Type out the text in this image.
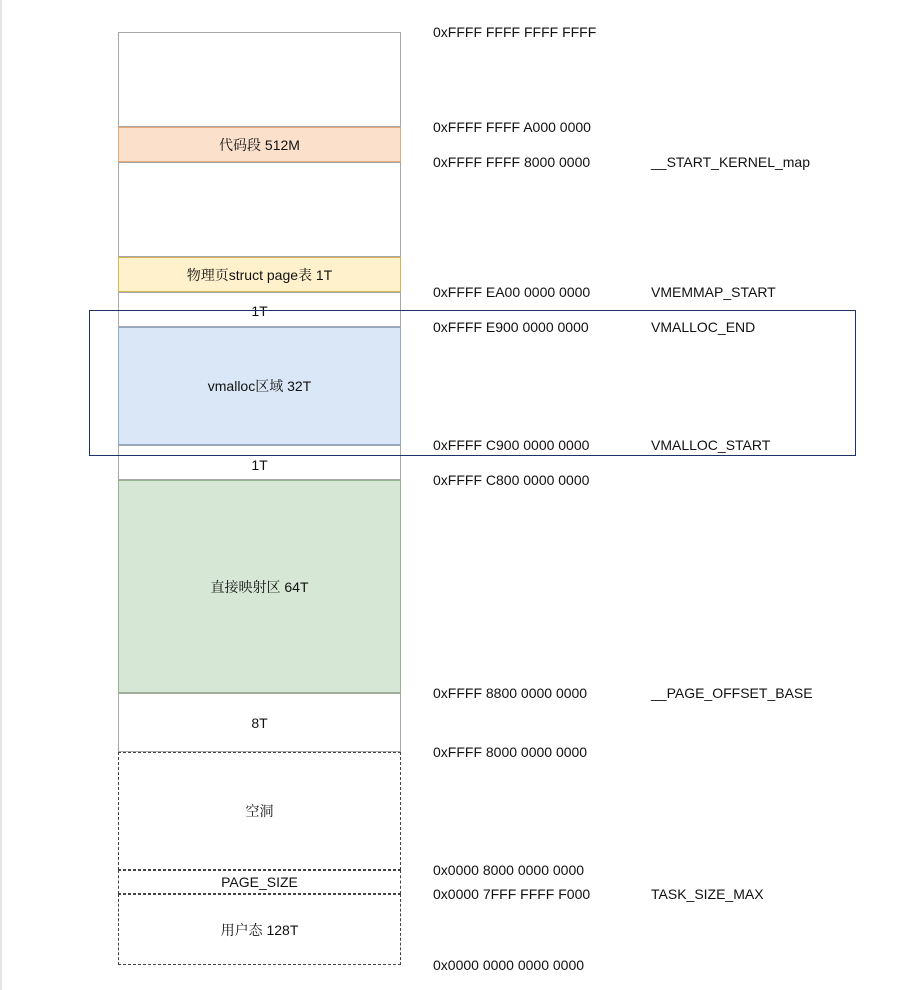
代码段 512M
物理页struct page表 1T
1T
vmalloc区域 32T
1T
直接映射区 64T
8T
空洞
PAGE_SIZE
用户态 128T
0xFFFF FFFF FFFF FFFF
0xFFFF FFFF A000 0000
0xFFFF FFFF 8000 0000
0xFFFF EA00 0000 0000
0xFFFF E900 0000 0000
0xFFFF C900 0000 0000
0xFFFF C800 0000 0000
0xFFFF 8800 0000 0000
0xFFFF 8000 0000 0000
0x0000 8000 0000 0000
0x0000 7FFF FFFF F000
0x0000 0000 0000 0000
__START_KERNEL_map
VMEMMAP_START
VMALLOC_END
VMALLOC_START
__PAGE_OFFSET_BASE
TASK_SIZE_MAX
